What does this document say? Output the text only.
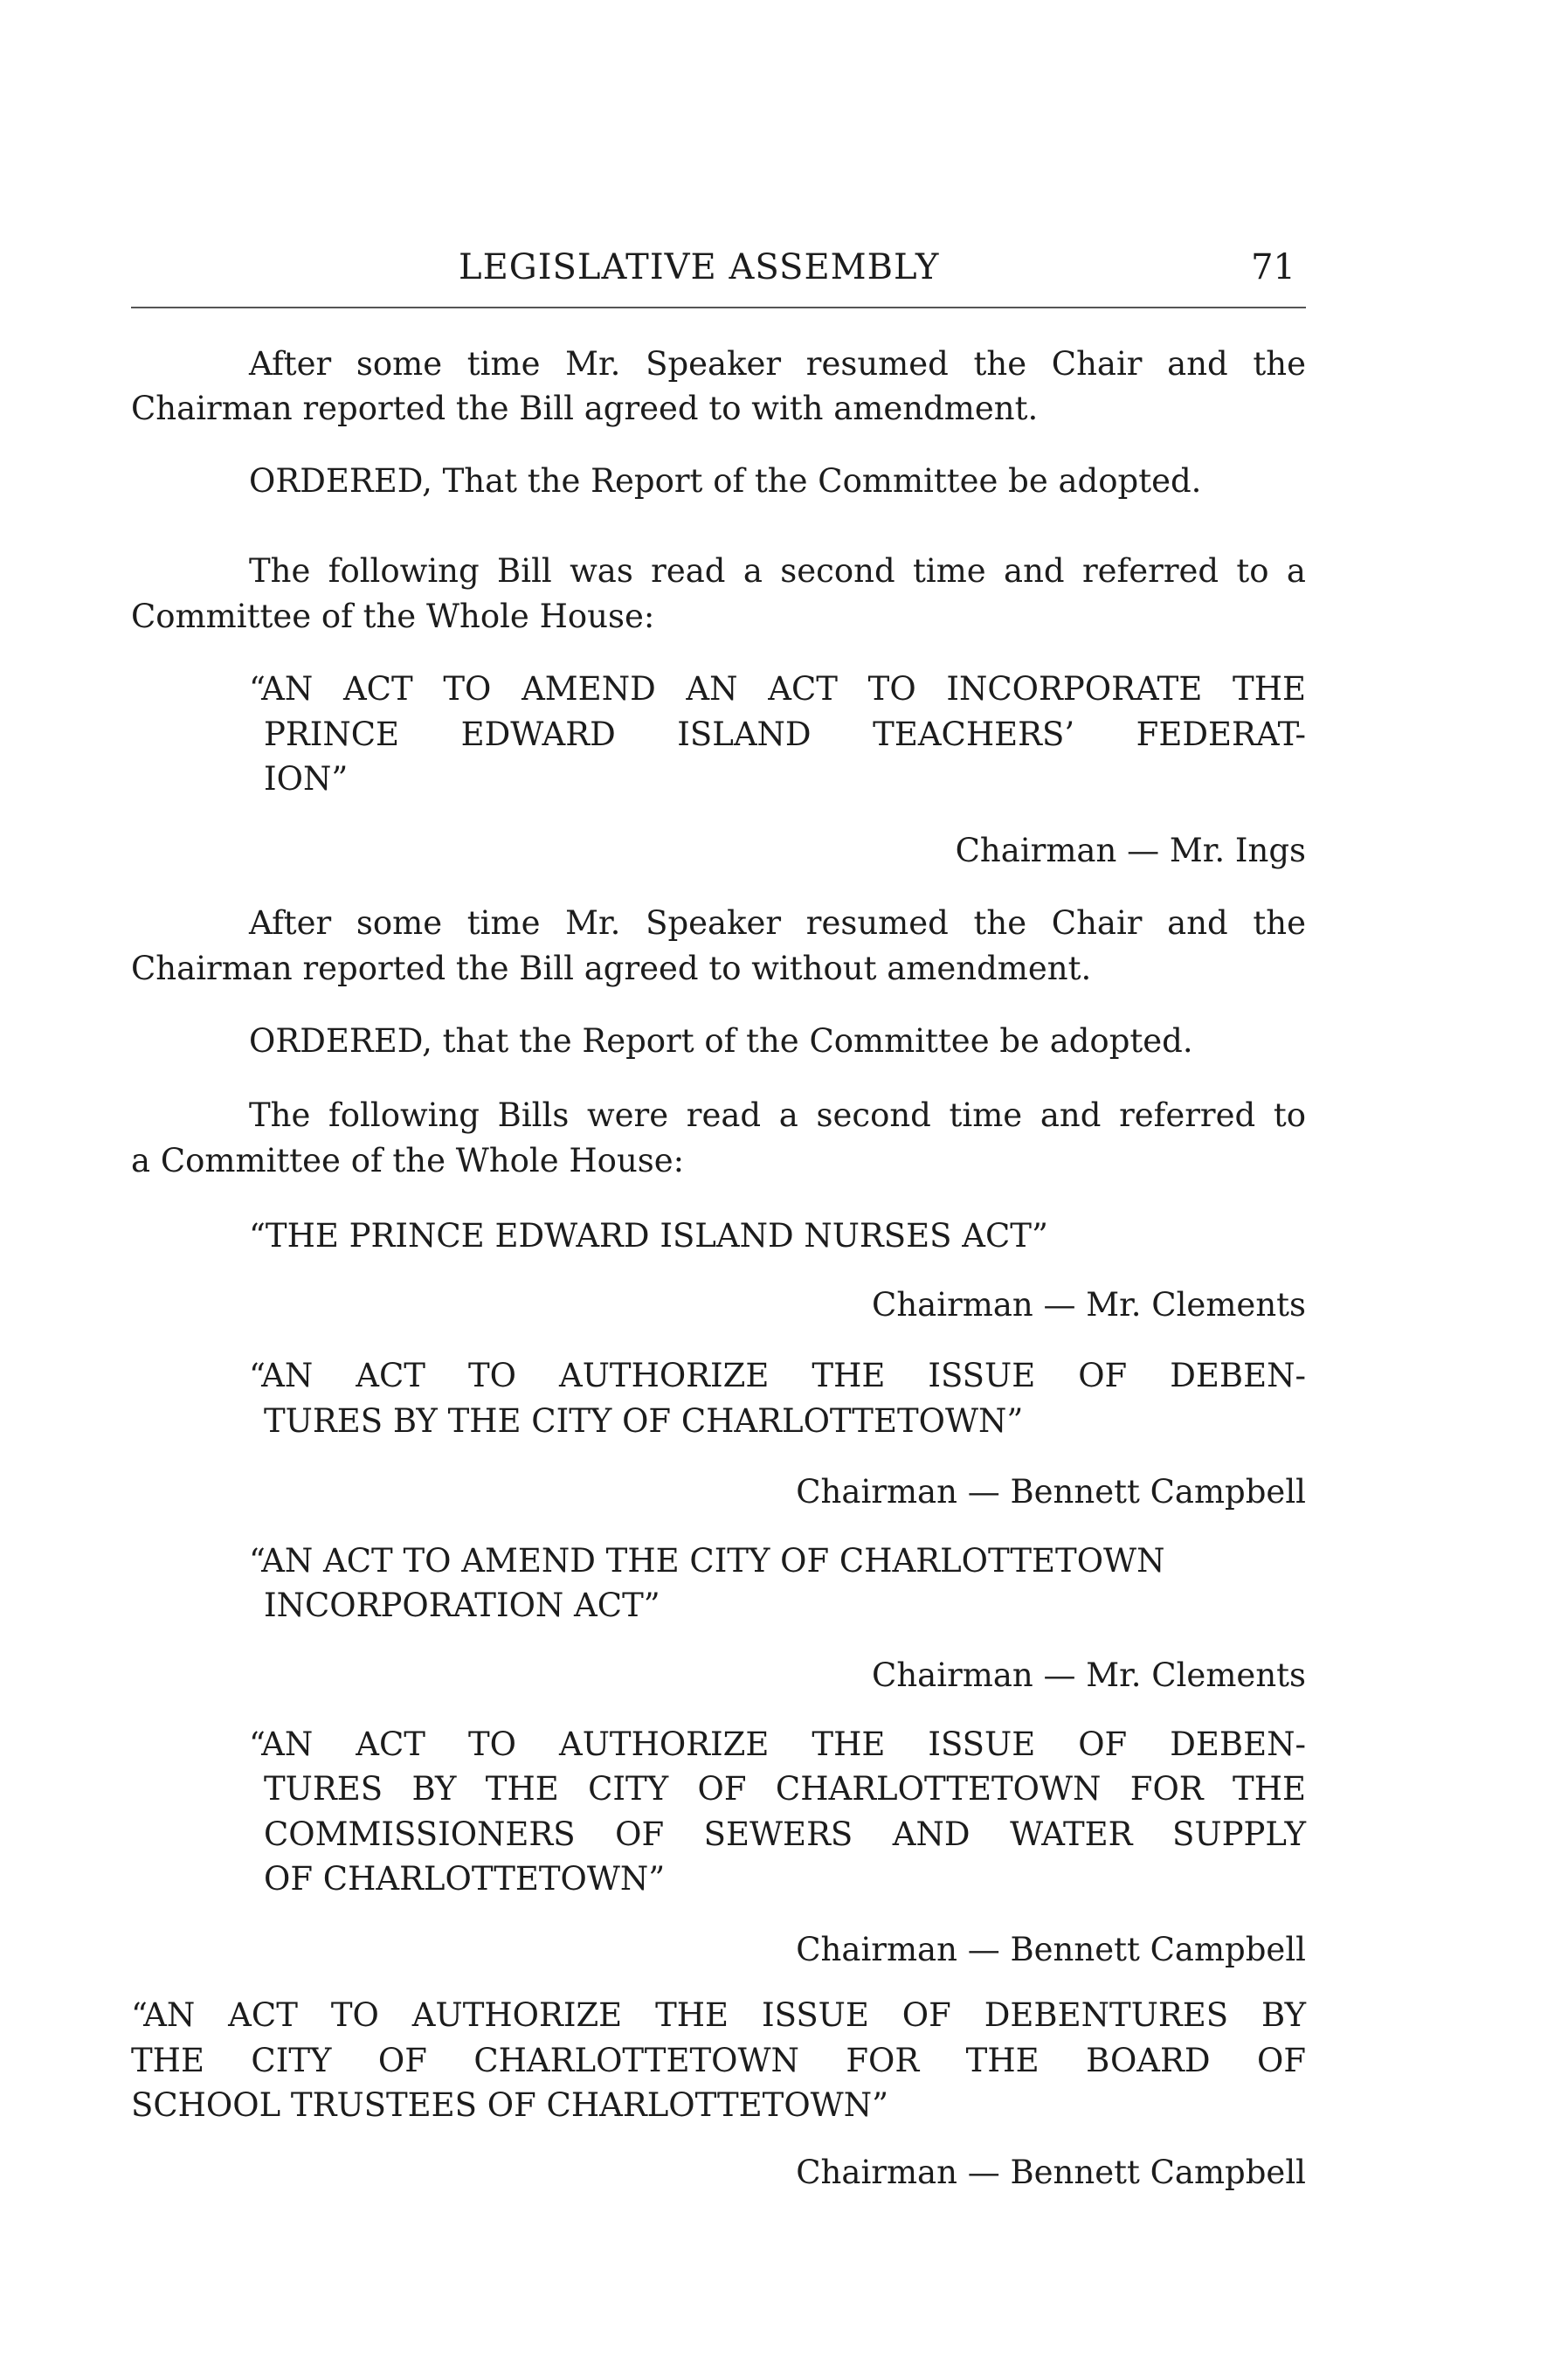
LEGISLATIVE ASSEMBLY	71
After some time Mr. Speaker resumed the Chair and the
Chairman reported the Bill agreed to with amendment.
ORDERED, That the Report of the Committee be adopted.
The following Bill was read a second time and referred to a
Committee of the Whole House:
“AN ACT TO AMEND AN ACT TO INCORPORATE THE
PRINCE EDWARD ISLAND TEACHERS’ FEDERAT-
ION”
Chairman — Mr. Ings
After some time Mr. Speaker resumed the Chair and the
Chairman reported the Bill agreed to without amendment.
ORDERED, that the Report of the Committee be adopted.
The following Bills were read a second time and referred to
a Committee of the Whole House:
“THE PRINCE EDWARD ISLAND NURSES ACT”
Chairman — Mr. Clements
“AN ACT TO AUTHORIZE THE ISSUE OF DEBEN-
TURES BY THE CITY OF CHARLOTTETOWN”
Chairman — Bennett Campbell
“AN ACT TO AMEND THE CITY OF CHARLOTTETOWN
INCORPORATION ACT”
Chairman — Mr. Clements
“AN ACT TO AUTHORIZE THE ISSUE OF DEBEN-
TURES BY THE CITY OF CHARLOTTETOWN FOR THE
COMMISSIONERS OF SEWERS AND WATER SUPPLY
OF CHARLOTTETOWN”
Chairman — Bennett Campbell
“AN ACT TO AUTHORIZE THE ISSUE OF DEBENTURES BY
THE CITY OF CHARLOTTETOWN FOR THE BOARD OF
SCHOOL TRUSTEES OF CHARLOTTETOWN”
Chairman — Bennett Campbell
